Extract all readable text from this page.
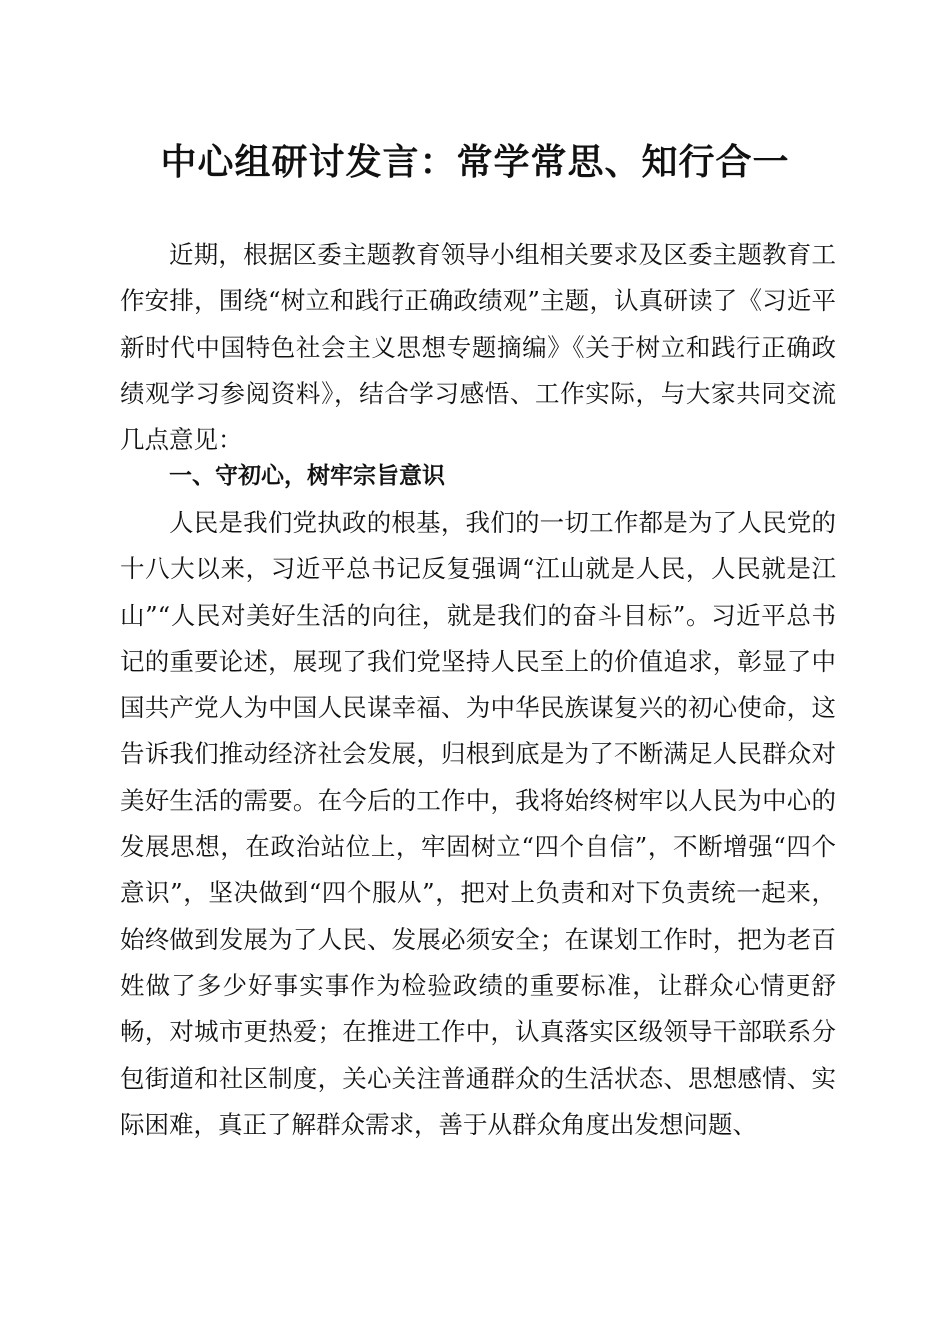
中心组研讨发言：常学常思、知行合一

近期，根据区委主题教育领导小组相关要求及区委主题教育工作安排，围绕“树立和践行正确政绩观”主题，认真研读了《习近平新时代中国特色社会主义思想专题摘编》《关于树立和践行正确政绩观学习参阅资料》，结合学习感悟、工作实际，与大家共同交流几点意见：

一、守初心，树牢宗旨意识

人民是我们党执政的根基，我们的一切工作都是为了人民党的十八大以来，习近平总书记反复强调“江山就是人民，人民就是江山”“人民对美好生活的向往，就是我们的奋斗目标”。习近平总书记的重要论述，展现了我们党坚持人民至上的价值追求，彰显了中国共产党人为中国人民谋幸福、为中华民族谋复兴的初心使命，这告诉我们推动经济社会发展，归根到底是为了不断满足人民群众对美好生活的需要。在今后的工作中，我将始终树牢以人民为中心的发展思想，在政治站位上，牢固树立“四个自信”，不断增强“四个意识”，坚决做到“四个服从”，把对上负责和对下负责统一起来，始终做到发展为了人民、发展必须安全；在谋划工作时，把为老百姓做了多少好事实事作为检验政绩的重要标准，让群众心情更舒畅，对城市更热爱；在推进工作中，认真落实区级领导干部联系分包街道和社区制度，关心关注普通群众的生活状态、思想感情、实际困难，真正了解群众需求，善于从群众角度出发想问题、
